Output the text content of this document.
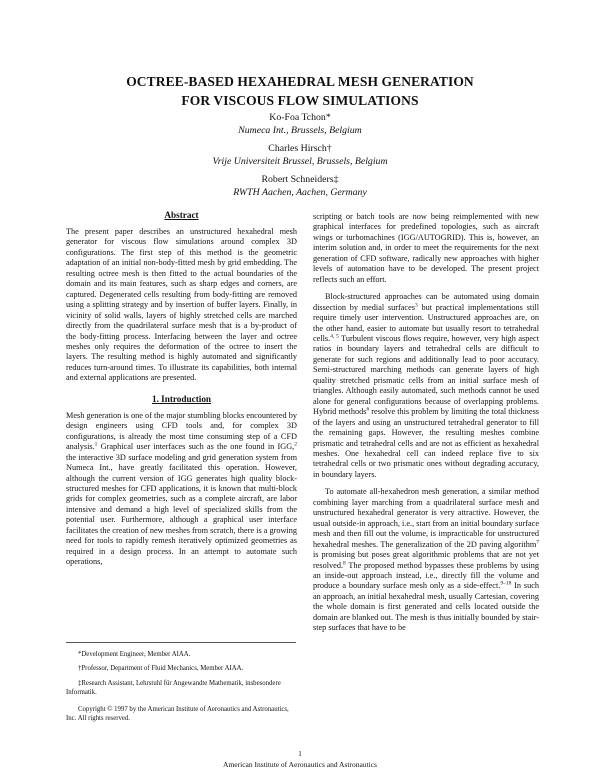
OCTREE-BASED HEXAHEDRAL MESH GENERATION
FOR VISCOUS FLOW SIMULATIONS
Ko-Foa Tchon*
Numeca Int., Brussels, Belgium
Charles Hirsch†
Vrije Universiteit Brussel, Brussels, Belgium
Robert Schneiders‡
RWTH Aachen, Aachen, Germany
Abstract

The present paper describes an unstructured hexahedral mesh generator for viscous flow simulations around complex 3D configurations. The first step of this method is the geometric adaptation of an initial non-body-fitted mesh by grid embedding. The resulting octree mesh is then fitted to the actual boundaries of the domain and its main features, such as sharp edges and corners, are captured. Degenerated cells resulting from body-fitting are removed using a splitting strategy and by insertion of buffer layers. Finally, in vicinity of solid walls, layers of highly stretched cells are marched directly from the quadrilateral surface mesh that is a by-product of the body-fitting process. Interfacing between the layer and octree meshes only requires the deformation of the octree to insert the layers. The resulting method is highly automated and significantly reduces turn-around times. To illustrate its capabilities, both internal and external applications are presented.

1. Introduction

Mesh generation is one of the major stumbling blocks encountered by design engineers using CFD tools and, for complex 3D configurations, is already the most time consuming step of a CFD analysis.$^1$ Graphical user interfaces such as the one found in IGG,$^2$ the interactive 3D surface modeling and grid generation system from Numeca Int., have greatly facilitated this operation. However, although the current version of IGG generates high quality block-structured meshes for CFD applications, it is known that multi-block grids for complex geometries, such as a complete aircraft, are labor intensive and demand a high level of specialized skills from the potential user. Furthermore, although a graphical user interface facilitates the creation of new meshes from scratch, there is a growing need for tools to rapidly remesh iteratively optimized geometries as required in a design process. In an attempt to automate such operations,

scripting or batch tools are now being reimplemented with new graphical interfaces for predefined topologies, such as aircraft wings or turbomachines (IGG/AUTOGRID). This is, however, an interim solution and, in order to meet the requirements for the next generation of CFD software, radically new approaches with higher levels of automation have to be developed. The present project reflects such an effort.

Block-structured approaches can be automated using domain dissection by medial surfaces$^3$ but practical implementations still require timely user intervention. Unstructured approaches are, on the other hand, easier to automate but usually resort to tetrahedral cells.$^{4, 5}$ Turbulent viscous flows require, however, very high aspect ratios in boundary layers and tetrahedral cells are difficult to generate for such regions and additionally lead to poor accuracy. Semi-structured marching methods can generate layers of high quality stretched prismatic cells from an initial surface mesh of triangles. Although easily automated, such methods cannot be used alone for general configurations because of overlapping problems. Hybrid methods$^6$ resolve this problem by limiting the total thickness of the layers and using an unstructured tetrahedral generator to fill the remaining gaps. However, the resulting meshes combine prismatic and tetrahedral cells and are not as efficient as hexahedral meshes. One hexahedral cell can indeed replace five to six tetrahedral cells or two prismatic ones without degrading accuracy, in boundary layers.

To automate all-hexahedron mesh generation, a similar method combining layer marching from a quadrilateral surface mesh and unstructured hexahedral generator is very attractive. However, the usual outside-in approach, i.e., start from an initial boundary surface mesh and then fill out the volume, is impracticable for unstructured hexahedral meshes. The generalization of the 2D paving algorithm$^7$ is promising but poses great algorithmic problems that are not yet resolved.$^8$ The proposed method bypasses these problems by using an inside-out approach instead, i.e., directly fill the volume and produce a boundary surface mesh only as a side-effect.$^{9-18}$ In such an approach, an initial hexahedral mesh, usually Cartesian, covering the whole domain is first generated and cells located outside the domain are blanked out. The mesh is thus initially bounded by stair-step surfaces that have to be

*Development Engineer, Member AIAA.

†Professor, Department of Fluid Mechanics, Member AIAA.

‡Research Assistant, Lehrstuhl für Angewandte Mathematik, insbesondere Informatik.

Copyright © 1997 by the American Institute of Aeronautics and Astronautics, Inc. All rights reserved.

1
American Institute of Aeronautics and Astronautics
